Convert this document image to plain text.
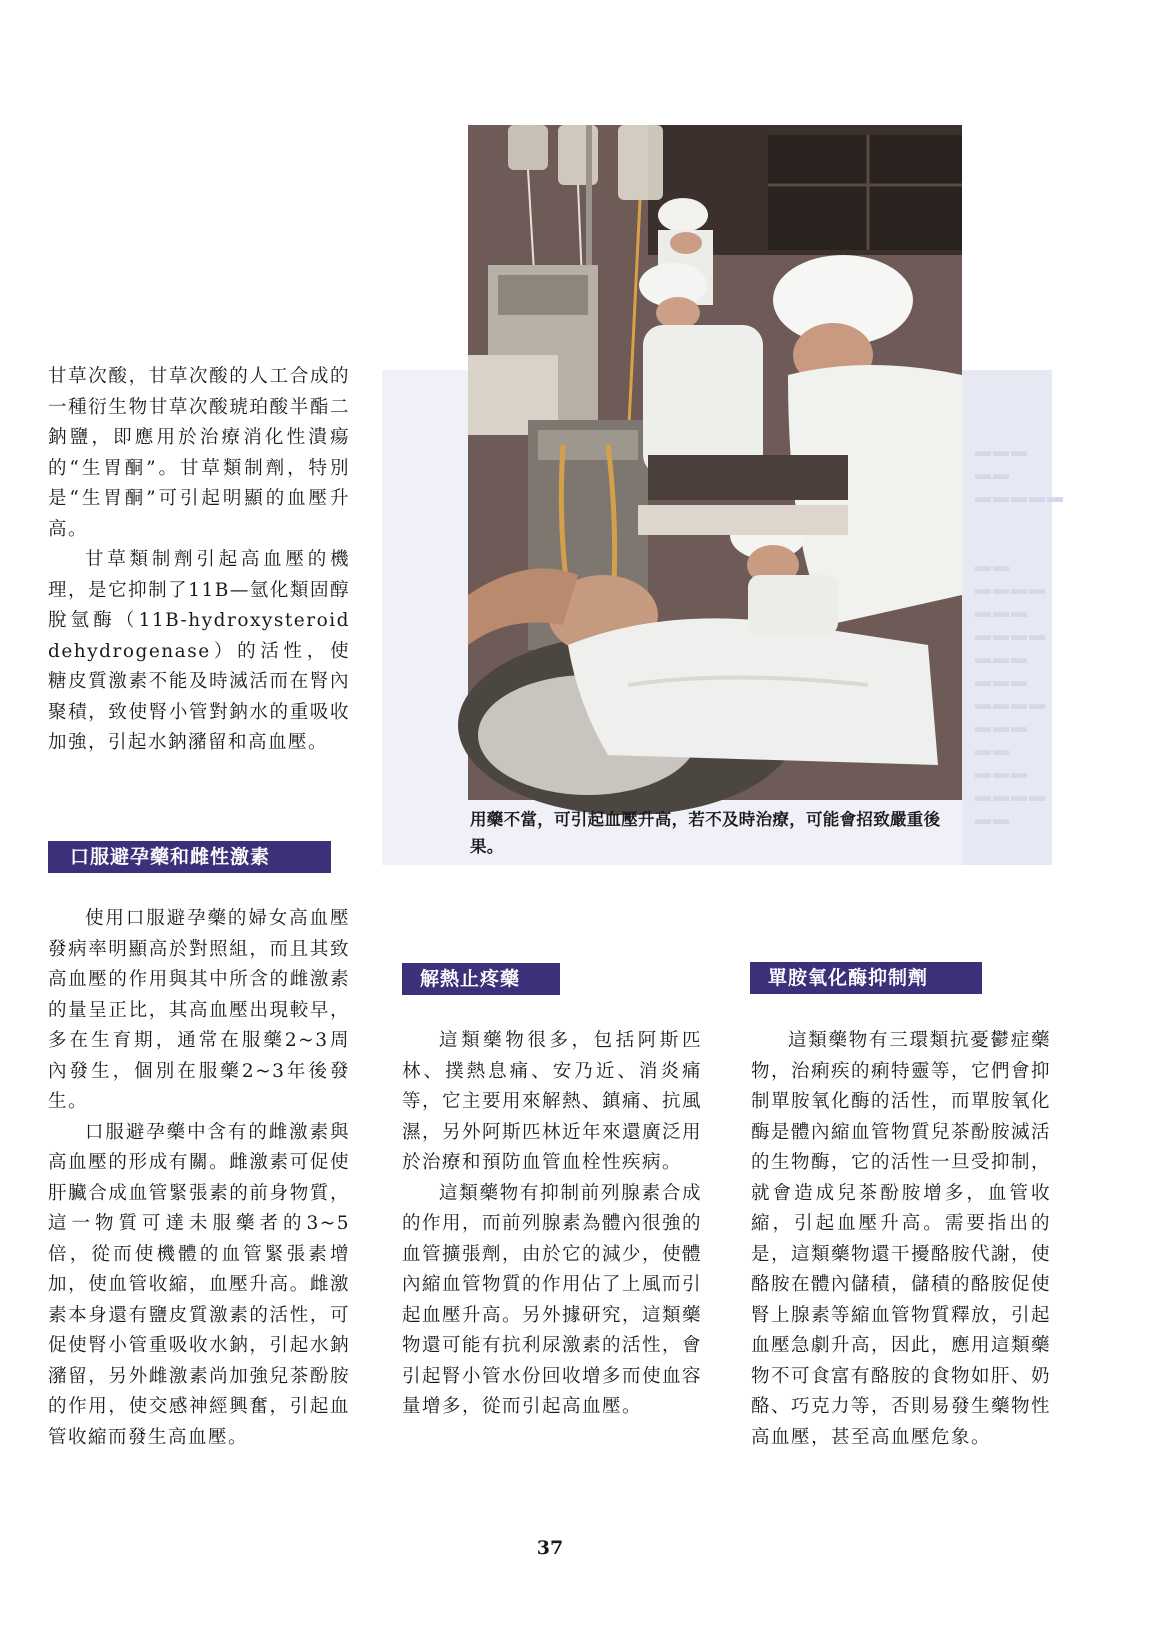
▬▬▬ ▬▬
▬▬▬▬▬

▬▬
▬▬▬▬
▬▬▬
▬▬▬▬
▬▬▬
▬▬▬
▬▬▬▬
▬▬▬
▬▬
▬▬▬
▬▬▬▬
▬▬

甘草次酸，甘草次酸的人工合成的一種衍生物甘草次酸琥珀酸半酯二鈉鹽，即應用於治療消化性潰瘍的“生胃酮”。甘草類制劑，特別是“生胃酮”可引起明顯的血壓升高。

甘草類制劑引起高血壓的機理，是它抑制了11B—氫化類固醇脫氫酶（11B-hydroxysteroid dehydrogenase）的活性，使糖皮質激素不能及時滅活而在腎內聚積，致使腎小管對鈉水的重吸收加強，引起水鈉瀦留和高血壓。

口服避孕藥和雌性激素

使用口服避孕藥的婦女高血壓發病率明顯高於對照組，而且其致高血壓的作用與其中所含的雌激素的量呈正比，其高血壓出現較早，多在生育期，通常在服藥2~3周內發生，個別在服藥2~3年後發生。

口服避孕藥中含有的雌激素與高血壓的形成有關。雌激素可促使肝臟合成血管緊張素的前身物質，這一物質可達未服藥者的3~5倍，從而使機體的血管緊張素增加，使血管收縮，血壓升高。雌激素本身還有鹽皮質激素的活性，可促使腎小管重吸收水鈉，引起水鈉瀦留，另外雌激素尚加強兒茶酚胺的作用，使交感神經興奮，引起血管收縮而發生高血壓。

用藥不當，可引起血壓升高，若不及時治療，可能會招致嚴重後果。
解熱止疼藥

這類藥物很多，包括阿斯匹林、撲熱息痛、安乃近、消炎痛等，它主要用來解熱、鎮痛、抗風濕，另外阿斯匹林近年來還廣泛用於治療和預防血管血栓性疾病。

這類藥物有抑制前列腺素合成的作用，而前列腺素為體內很強的血管擴張劑，由於它的減少，使體內縮血管物質的作用佔了上風而引起血壓升高。另外據研究，這類藥物還可能有抗利尿激素的活性，會引起腎小管水份回收增多而使血容量增多，從而引起高血壓。

單胺氧化酶抑制劑

這類藥物有三環類抗憂鬱症藥物，治痢疾的痢特靈等，它們會抑制單胺氧化酶的活性，而單胺氧化酶是體內縮血管物質兒茶酚胺滅活的生物酶，它的活性一旦受抑制，就會造成兒茶酚胺增多，血管收縮，引起血壓升高。需要指出的是，這類藥物還干擾酪胺代謝，使酪胺在體內儲積，儲積的酪胺促使腎上腺素等縮血管物質釋放，引起血壓急劇升高，因此，應用這類藥物不可食富有酪胺的食物如肝、奶酪、巧克力等，否則易發生藥物性高血壓，甚至高血壓危象。

37
